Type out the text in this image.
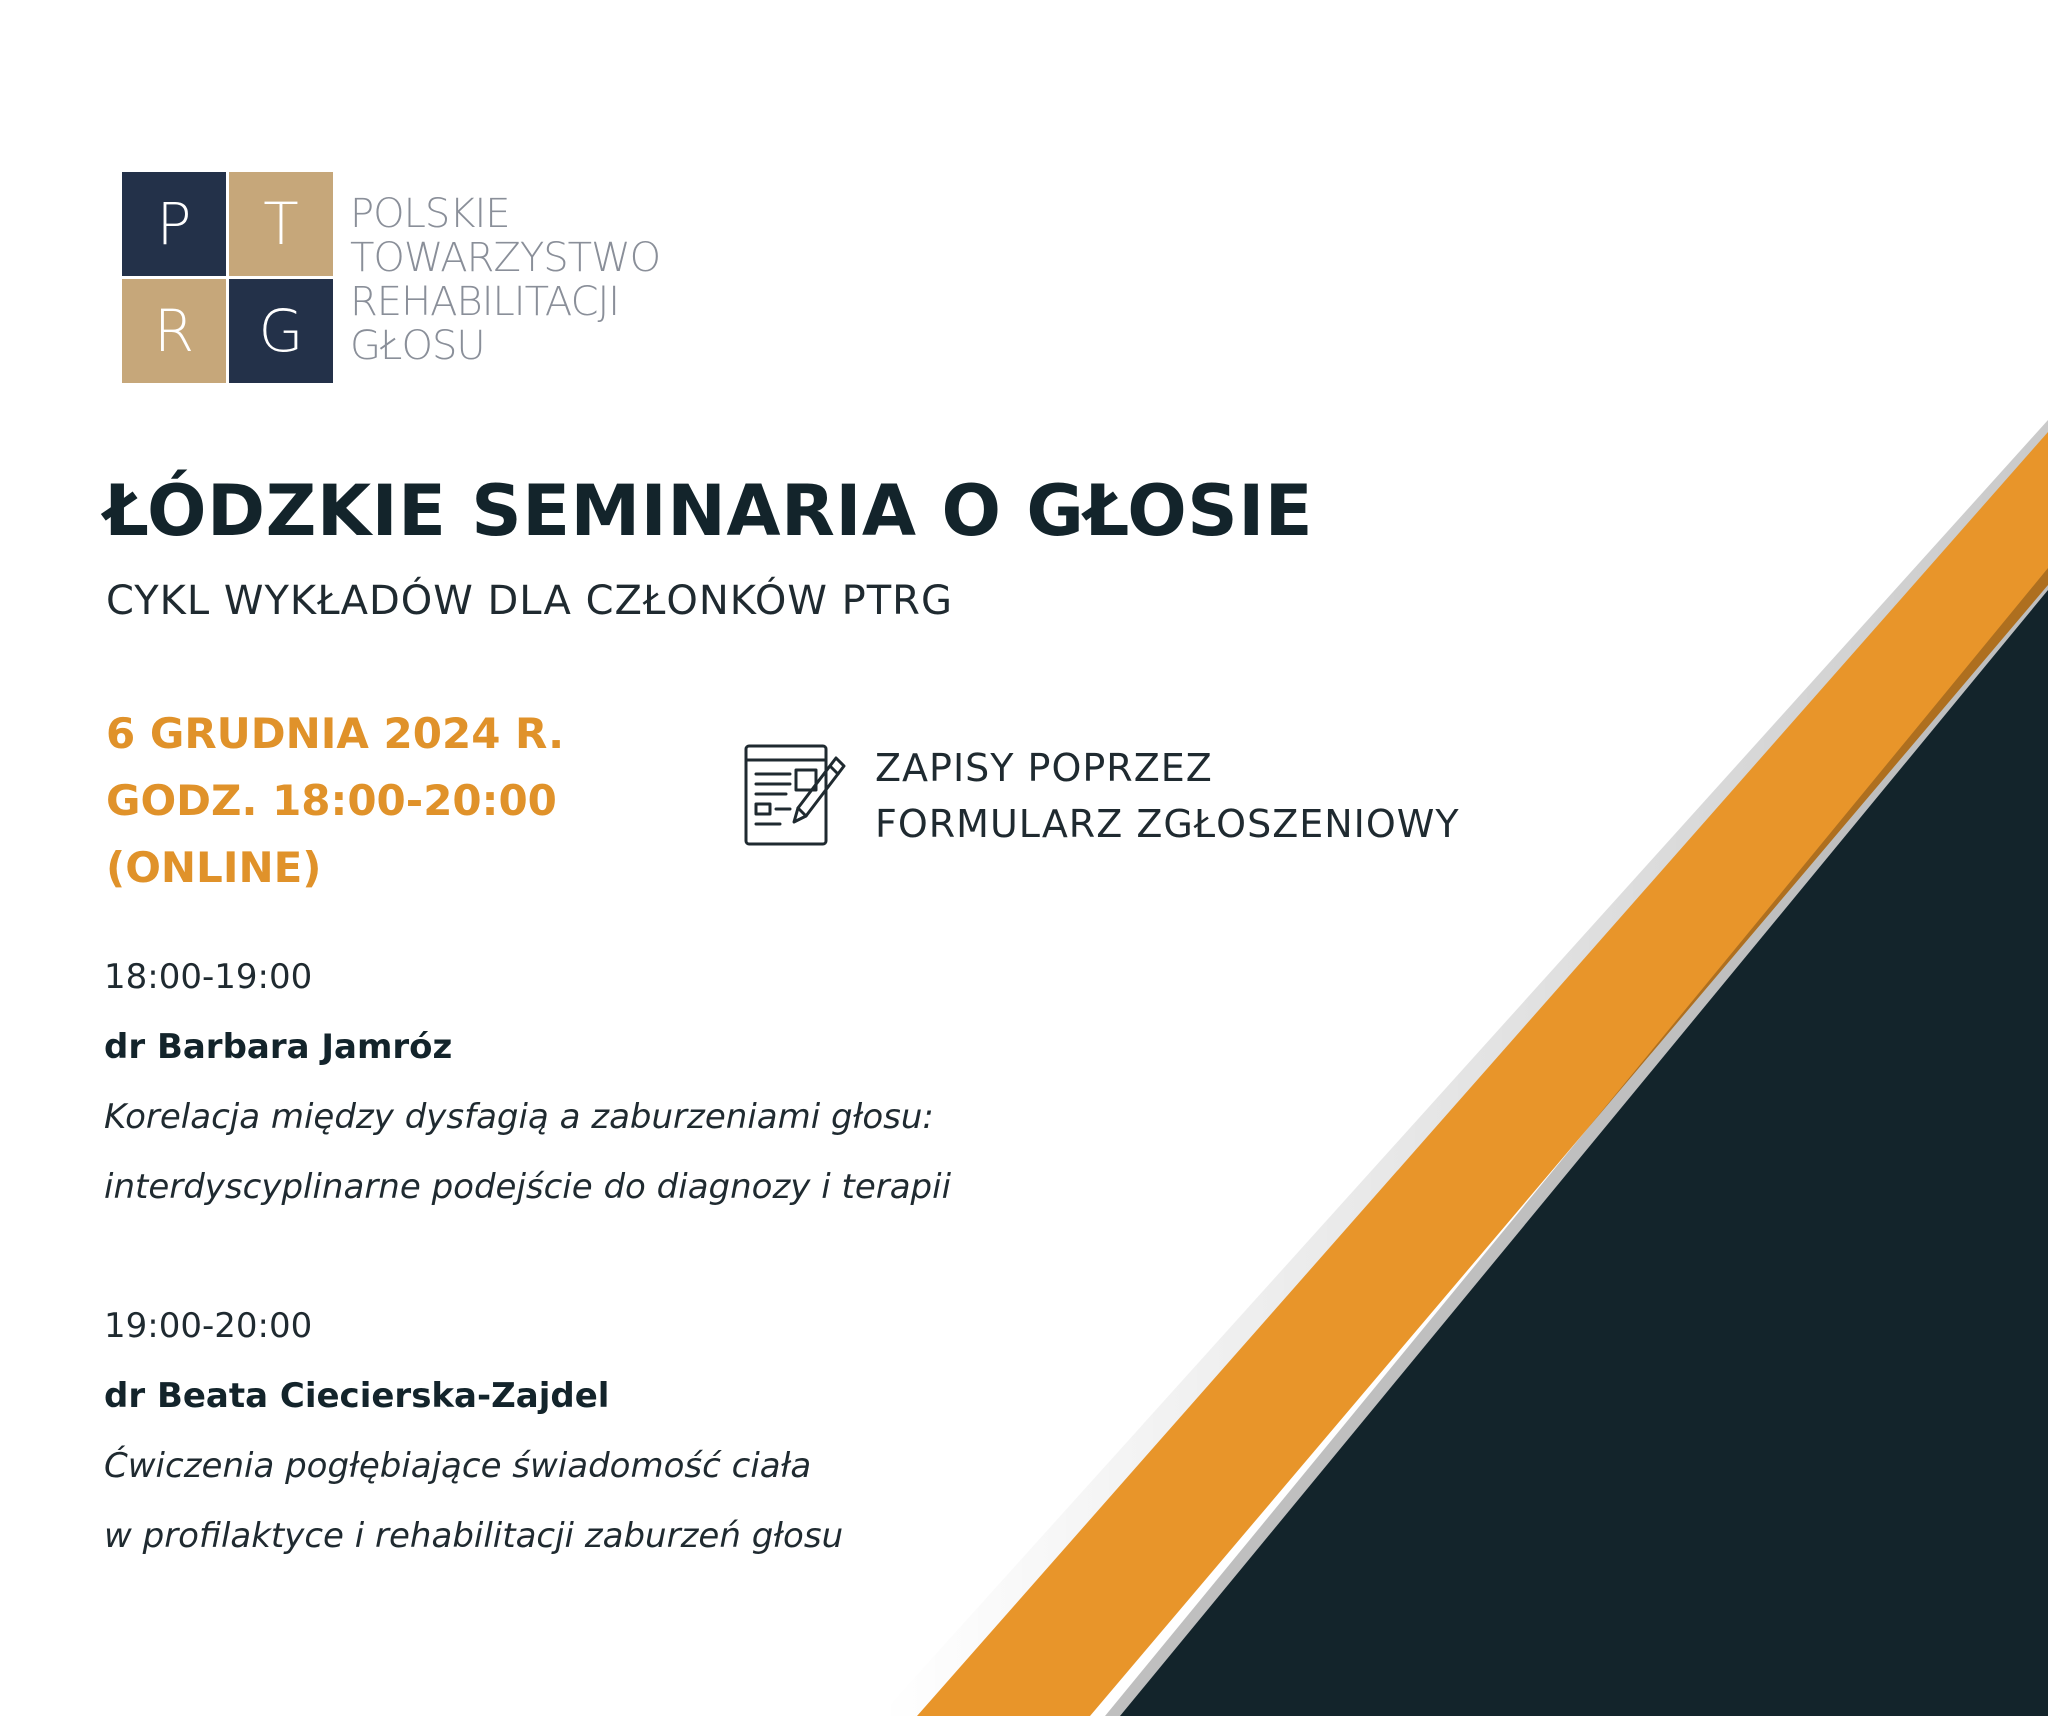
P T
R G
POLSKIE
TOWARZYSTWO
REHABILITACJI
GŁOSU
ŁÓDZKIE SEMINARIA O GŁOSIE
CYKL WYKŁADÓW DLA CZŁONKÓW PTRG
6 GRUDNIA 2024 R.
GODZ. 18:00-20:00
(ONLINE)
ZAPISY POPRZEZ
FORMULARZ ZGŁOSZENIOWY
18:00-19:00
dr Barbara Jamróz
Korelacja między dysfagią a zaburzeniami głosu:
interdyscyplinarne podejście do diagnozy i terapii
19:00-20:00
dr Beata Ciecierska-Zajdel
Ćwiczenia pogłębiające świadomość ciała
w profilaktyce i rehabilitacji zaburzeń głosu
